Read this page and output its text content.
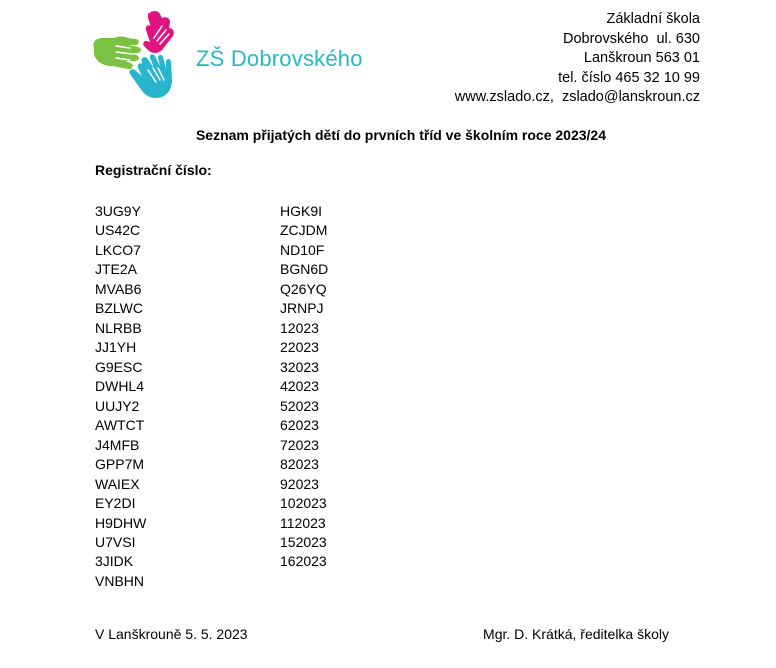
ZŠ Dobrovského
Základní škola
Dobrovského  ul. 630
Lanškroun 563 01
tel. číslo 465 32 10 99
www.zslado.cz,  zslado@lanskroun.cz
Seznam přijatých dětí do prvních tříd ve školním roce 2023/24
Registrační číslo:
3UG9Y
US42C
LKCO7
JTE2A
MVAB6
BZLWC
NLRBB
JJ1YH
G9ESC
DWHL4
UUJY2
AWTCT
J4MFB
GPP7M
WAIEX
EY2DI
H9DHW
U7VSI
3JIDK
VNBHN
HGK9I
ZCJDM
ND10F
BGN6D
Q26YQ
JRNPJ
12023
22023
32023
42023
52023
62023
72023
82023
92023
102023
112023
152023
162023
V Lanškrouně 5. 5. 2023	Mgr. D. Krátká, ředitelka školy
